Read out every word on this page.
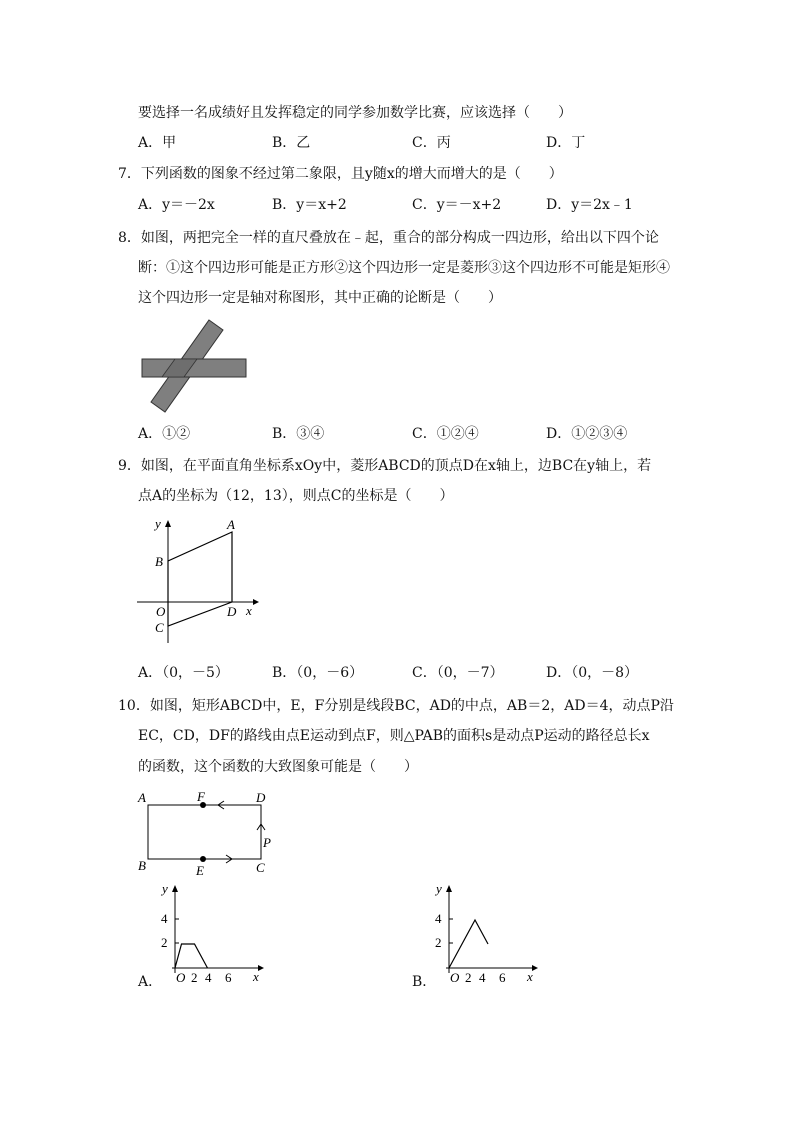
要选择一名成绩好且发挥稳定的同学参加数学比赛，应该选择（　　）
A．甲	B．乙	C．丙	D．丁
7．下列函数的图象不经过第二象限，且y随x的增大而增大的是（　　）
A．y＝－2x	B．y＝x+2	C．y＝－x+2	D．y＝2x﹣1
8．如图，两把完全一样的直尺叠放在﹣起，重合的部分构成一四边形，给出以下四个论
断：①这个四边形可能是正方形②这个四边形一定是菱形③这个四边形不可能是矩形④
这个四边形一定是轴对称图形，其中正确的论断是（　　）
A．①②	B．③④	C．①②④	D．①②③④
9．如图，在平面直角坐标系xOy中，菱形ABCD的顶点D在x轴上，边BC在y轴上，若
点A的坐标为（12，13），则点C的坐标是（　　）
y	A
B
O	D x
C
A．（0，－5）	B．（0，－6）	C．（0，－7）	D．（0，－8）
10．如图，矩形ABCD中，E，F分别是线段BC，AD的中点，AB＝2，AD＝4，动点P沿
EC，CD，DF的路线由点E运动到点F，则△PAB的面积s是动点P运动的路径总长x
的函数，这个函数的大致图象可能是（　　）
A	F	D
P
B	E	C
A．
y
4
2
O 2 4 6 x	B．
y
4
2
O 2 4 6 x
